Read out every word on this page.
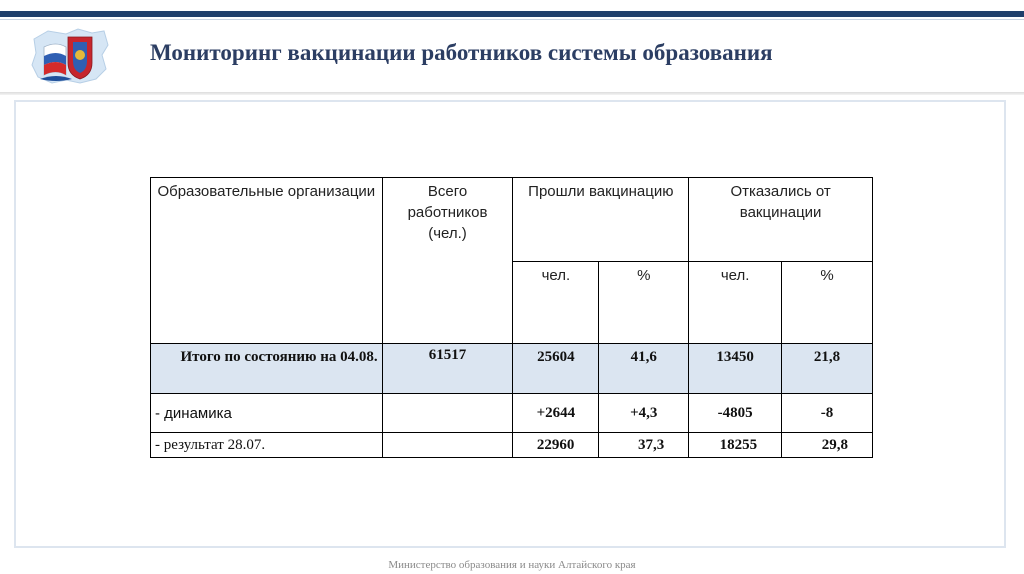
Мониторинг вакцинации работников системы образования
Образовательные организации	Всего работников (чел.)	Прошли вакцинацию		Отказались от вакцинации	
		чел.	%	чел.	%
Итого по состоянию на 04.08.	61517	25604	41,6	13450	21,8
- динамика		+2644	+4,3	-4805	-8
- результат 28.07.		22960	37,3	18255	29,8
Министерство образования и науки Алтайского края
